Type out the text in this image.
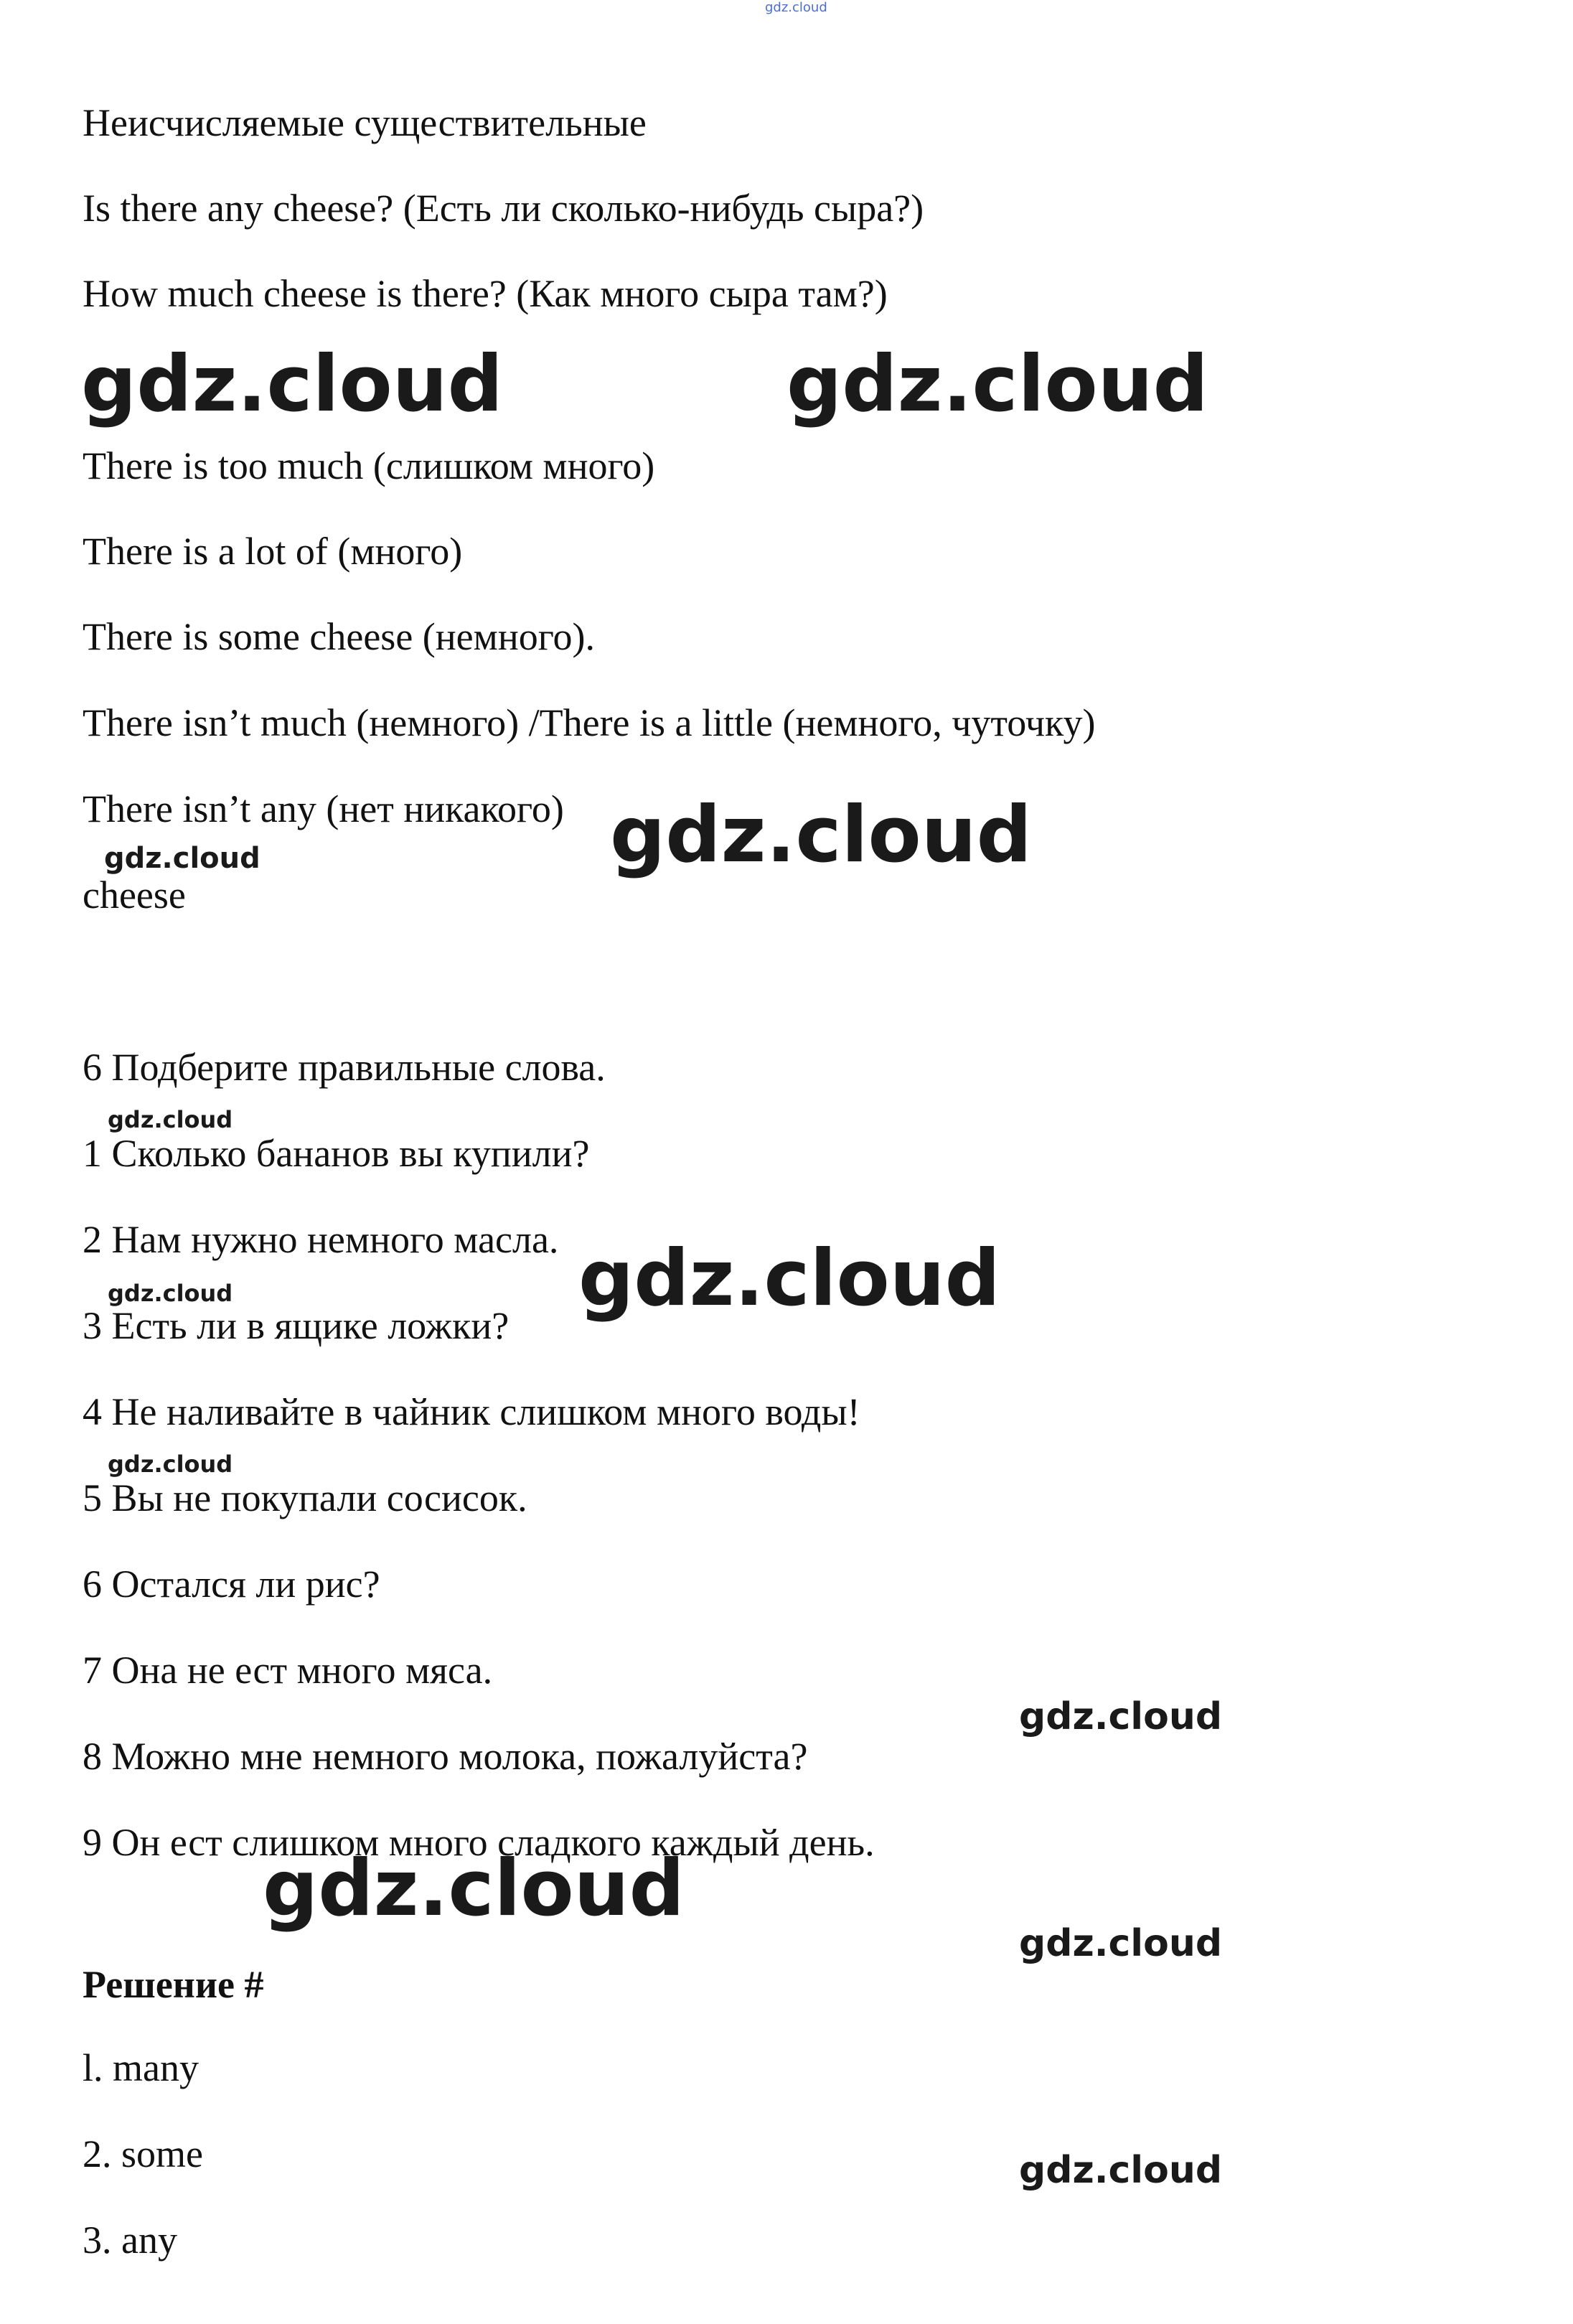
gdz.cloud

Неисчисляемые существительные

Is there any cheese? (Есть ли сколько-нибудь сыра?)

How much cheese is there? (Как много сыра там?)

gdz.cloud	gdz.cloud

There is too much (слишком много)

There is a lot of (много)

There is some cheese (немного).

There isn’t much (немного) /There is a little (немного, чуточку)

There isn’t any (нет никакого) gdz.cloud
gdz.cloud

cheese

6 Подберите правильные слова.

gdz.cloud

1 Сколько бананов вы купили?

2 Нам нужно немного масла. gdz.cloud
gdz.cloud

3 Есть ли в ящике ложки?

4 Не наливайте в чайник слишком много воды!

gdz.cloud

5 Вы не покупали сосисок.

6 Остался ли рис?

7 Она не ест много мяса.

gdz.cloud

8 Можно мне немного молока, пожалуйста?

9 Он ест слишком много сладкого каждый день.

gdz.cloud
gdz.cloud

Решение #

l. many

2. some	gdz.cloud

3. any
